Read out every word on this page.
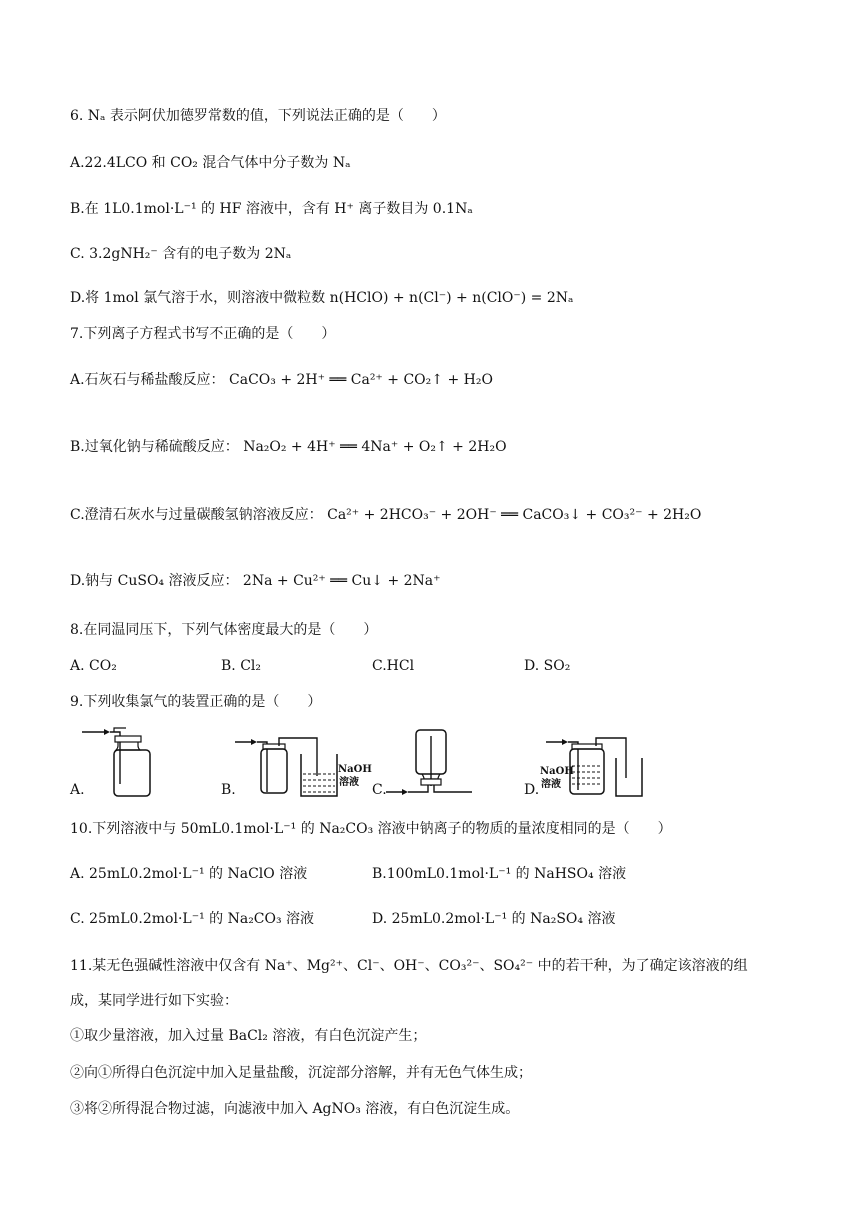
6. Nₐ 表示阿伏加德罗常数的值，下列说法正确的是（　　）
A.22.4LCO 和 CO₂ 混合气体中分子数为 Nₐ
B.在 1L0.1mol·L⁻¹ 的 HF 溶液中，含有 H⁺ 离子数目为 0.1Nₐ
C. 3.2gNH₂⁻ 含有的电子数为 2Nₐ
D.将 1mol 氯气溶于水，则溶液中微粒数 n(HClO) + n(Cl⁻) + n(ClO⁻) = 2Nₐ
7.下列离子方程式书写不正确的是（　　）
A.石灰石与稀盐酸反应： CaCO₃ + 2H⁺ ══ Ca²⁺ + CO₂↑ + H₂O
B.过氧化钠与稀硫酸反应： Na₂O₂ + 4H⁺ ══ 4Na⁺ + O₂↑ + 2H₂O
C.澄清石灰水与过量碳酸氢钠溶液反应： Ca²⁺ + 2HCO₃⁻ + 2OH⁻ ══ CaCO₃↓ + CO₃²⁻ + 2H₂O
D.钠与 CuSO₄ 溶液反应： 2Na + Cu²⁺ ══ Cu↓ + 2Na⁺
8.在同温同压下，下列气体密度最大的是（　　）
A. CO₂	B. Cl₂	C.HCl	D. SO₂
9.下列收集氯气的装置正确的是（　　）
A.	B.
NaOH
溶液 C.	D.
NaOH
溶液
10.下列溶液中与 50mL0.1mol·L⁻¹ 的 Na₂CO₃ 溶液中钠离子的物质的量浓度相同的是（　　）
A. 25mL0.2mol·L⁻¹ 的 NaClO 溶液	B.100mL0.1mol·L⁻¹ 的 NaHSO₄ 溶液
C. 25mL0.2mol·L⁻¹ 的 Na₂CO₃ 溶液	D. 25mL0.2mol·L⁻¹ 的 Na₂SO₄ 溶液
11.某无色强碱性溶液中仅含有 Na⁺、Mg²⁺、Cl⁻、OH⁻、CO₃²⁻、SO₄²⁻ 中的若干种，为了确定该溶液的组
成，某同学进行如下实验：
①取少量溶液，加入过量 BaCl₂ 溶液，有白色沉淀产生；
②向①所得白色沉淀中加入足量盐酸，沉淀部分溶解，并有无色气体生成；
③将②所得混合物过滤，向滤液中加入 AgNO₃ 溶液，有白色沉淀生成。
